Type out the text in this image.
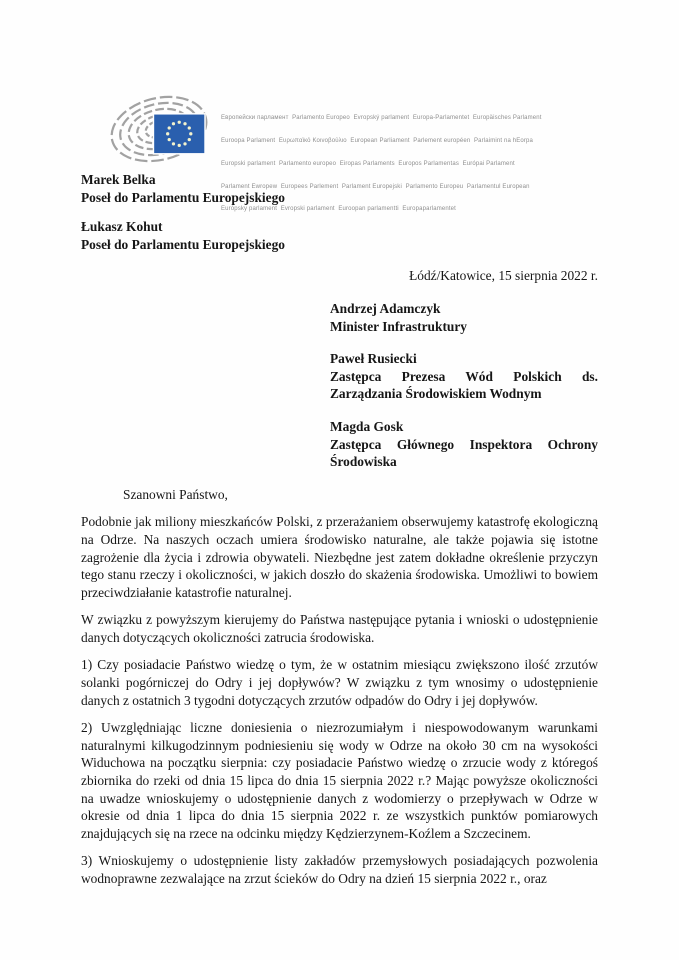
Европейски парламент  Parlamento Europeo  Evropský parlament  Europa-Parlamentet  Europäisches Parlament

Euroopa Parlament  Ευρωπαϊκό Κοινοβούλιο  European Parliament  Parlement européen  Parlaimint na hEorpa

Europski parlament  Parlamento europeo  Eiropas Parlaments  Europos Parlamentas  Európai Parlament

Parlament Ewropew  Europees Parlement  Parlament Europejski  Parlamento Europeu  Parlamentul European

Európsky parlament  Evropski parlament  Euroopan parlamentti  Europaparlamentet

Marek Belka
Poseł do Parlamentu Europejskiego
Łukasz Kohut
Poseł do Parlamentu Europejskiego
Łódź/Katowice, 15 sierpnia 2022 r.
Andrzej Adamczyk
Minister Infrastruktury
Paweł Rusiecki
Zastępca Prezesa Wód Polskich ds. Zarządzania Środowiskiem Wodnym
Magda Gosk
Zastępca Głównego Inspektora Ochrony Środowiska
Szanowni Państwo,

Podobnie jak miliony mieszkańców Polski, z przerażaniem obserwujemy katastrofę ekologiczną na Odrze. Na naszych oczach umiera środowisko naturalne, ale także pojawia się istotne zagrożenie dla życia i zdrowia obywateli. Niezbędne jest zatem dokładne określenie przyczyn tego stanu rzeczy i okoliczności, w jakich doszło do skażenia środowiska. Umożliwi to bowiem przeciwdziałanie katastrofie naturalnej.

W związku z powyższym kierujemy do Państwa następujące pytania i wnioski o udostępnienie danych dotyczących okoliczności zatrucia środowiska.

1) Czy posiadacie Państwo wiedzę o tym, że w ostatnim miesiącu zwiększono ilość zrzutów solanki pogórniczej do Odry i jej dopływów? W związku z tym wnosimy o udostępnienie danych z ostatnich 3 tygodni dotyczących zrzutów odpadów do Odry i jej dopływów.

2) Uwzględniając liczne doniesienia o niezrozumiałym i niespowodowanym warunkami naturalnymi kilkugodzinnym podniesieniu się wody w Odrze na około 30 cm na wysokości Widuchowa na początku sierpnia: czy posiadacie Państwo wiedzę o zrzucie wody z któregoś zbiornika do rzeki od dnia 15 lipca do dnia 15 sierpnia 2022 r.? Mając powyższe okoliczności na uwadze wnioskujemy o udostępnienie danych z wodomierzy o przepływach w Odrze w okresie od dnia 1 lipca do dnia 15 sierpnia 2022 r. ze wszystkich punktów pomiarowych znajdujących się na rzece na odcinku między Kędzierzynem-Koźlem a Szczecinem.

3) Wnioskujemy o udostępnienie listy zakładów przemysłowych posiadających pozwolenia wodnoprawne zezwalające na zrzut ścieków do Odry na dzień 15 sierpnia 2022 r., oraz
